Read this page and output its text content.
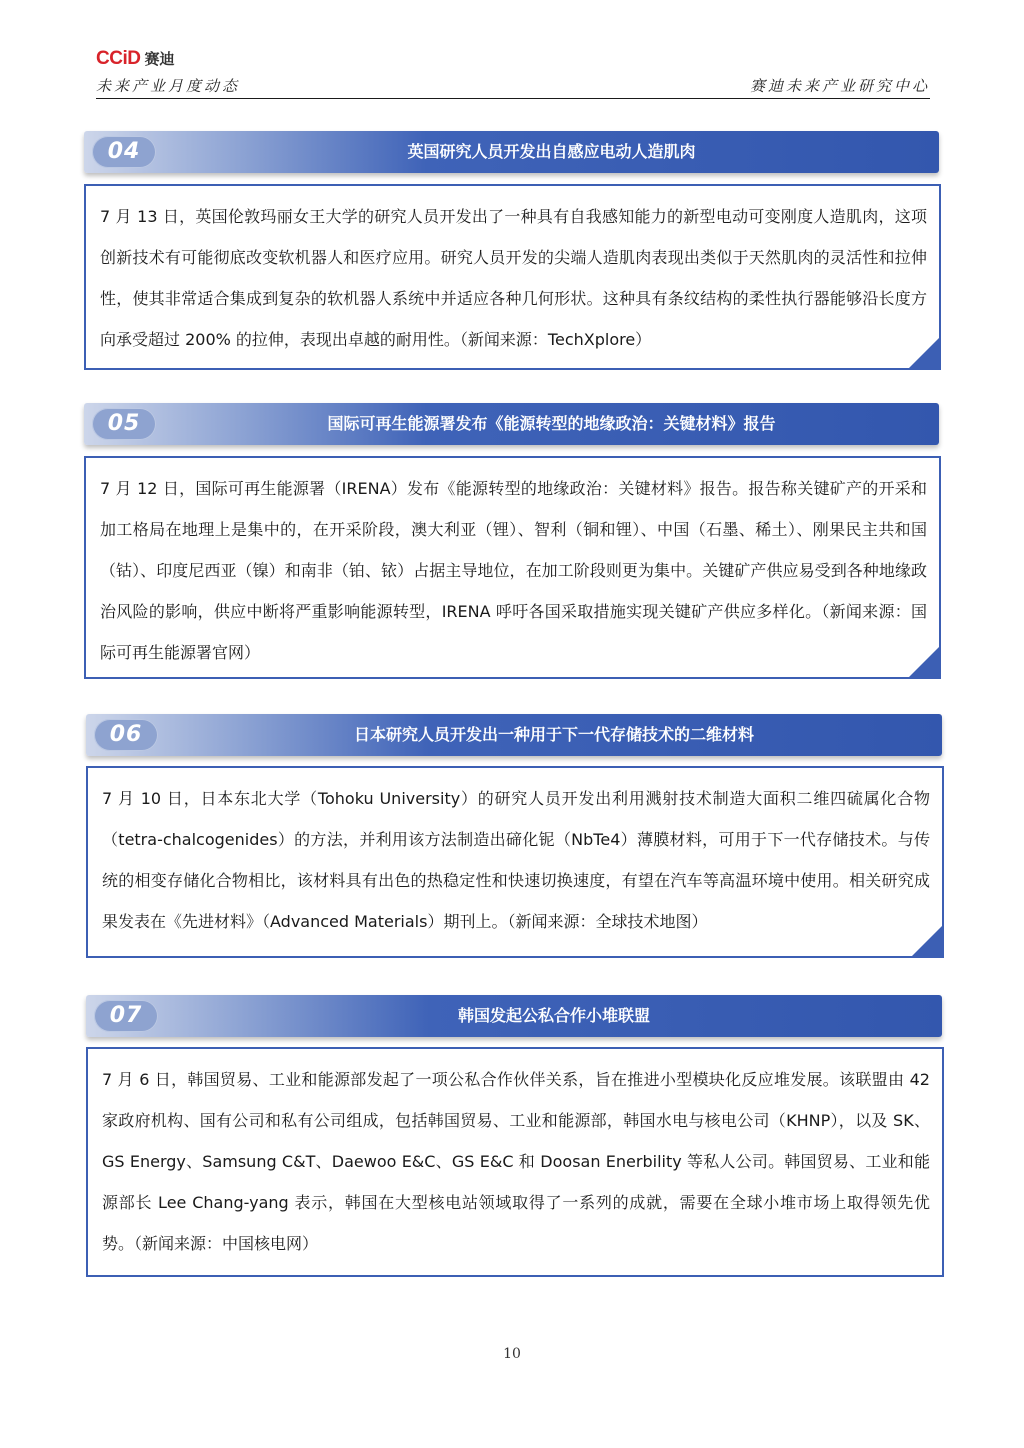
CCiD 赛迪
未来产业月度动态	赛迪未来产业研究中心
04	英国研究人员开发出自感应电动人造肌肉

7 月 13 日，英国伦敦玛丽女王大学的研究人员开发出了一种具有自我感知能力的新型电动可变刚度人造肌肉，这项创新技术有可能彻底改变软机器人和医疗应用。研究人员开发的尖端人造肌肉表现出类似于天然肌肉的灵活性和拉伸性，使其非常适合集成到复杂的软机器人系统中并适应各种几何形状。这种具有条纹结构的柔性执行器能够沿长度方向承受超过 200% 的拉伸，表现出卓越的耐用性。（新闻来源：TechXplore）

05	国际可再生能源署发布《能源转型的地缘政治：关键材料》报告

7 月 12 日，国际可再生能源署（IRENA）发布《能源转型的地缘政治：关键材料》报告。报告称关键矿产的开采和加工格局在地理上是集中的，在开采阶段，澳大利亚（锂）、智利（铜和锂）、中国（石墨、稀土）、刚果民主共和国（钴）、印度尼西亚（镍）和南非（铂、铱）占据主导地位，在加工阶段则更为集中。关键矿产供应易受到各种地缘政治风险的影响，供应中断将严重影响能源转型，IRENA 呼吁各国采取措施实现关键矿产供应多样化。（新闻来源：国际可再生能源署官网）

06	日本研究人员开发出一种用于下一代存储技术的二维材料

7 月 10 日，日本东北大学（Tohoku University）的研究人员开发出利用溅射技术制造大面积二维四硫属化合物（tetra-chalcogenides）的方法，并利用该方法制造出碲化铌（NbTe4）薄膜材料，可用于下一代存储技术。与传统的相变存储化合物相比，该材料具有出色的热稳定性和快速切换速度，有望在汽车等高温环境中使用。相关研究成果发表在《先进材料》（Advanced Materials）期刊上。（新闻来源：全球技术地图）

07	韩国发起公私合作小堆联盟

7 月 6 日，韩国贸易、工业和能源部发起了一项公私合作伙伴关系，旨在推进小型模块化反应堆发展。该联盟由 42 家政府机构、国有公司和私有公司组成，包括韩国贸易、工业和能源部，韩国水电与核电公司（KHNP），以及 SK、GS Energy、Samsung C&T、Daewoo E&C、GS E&C 和 Doosan Enerbility 等私人公司。韩国贸易、工业和能源部长 Lee Chang-yang 表示，韩国在大型核电站领域取得了一系列的成就，需要在全球小堆市场上取得领先优势。（新闻来源：中国核电网）

10
